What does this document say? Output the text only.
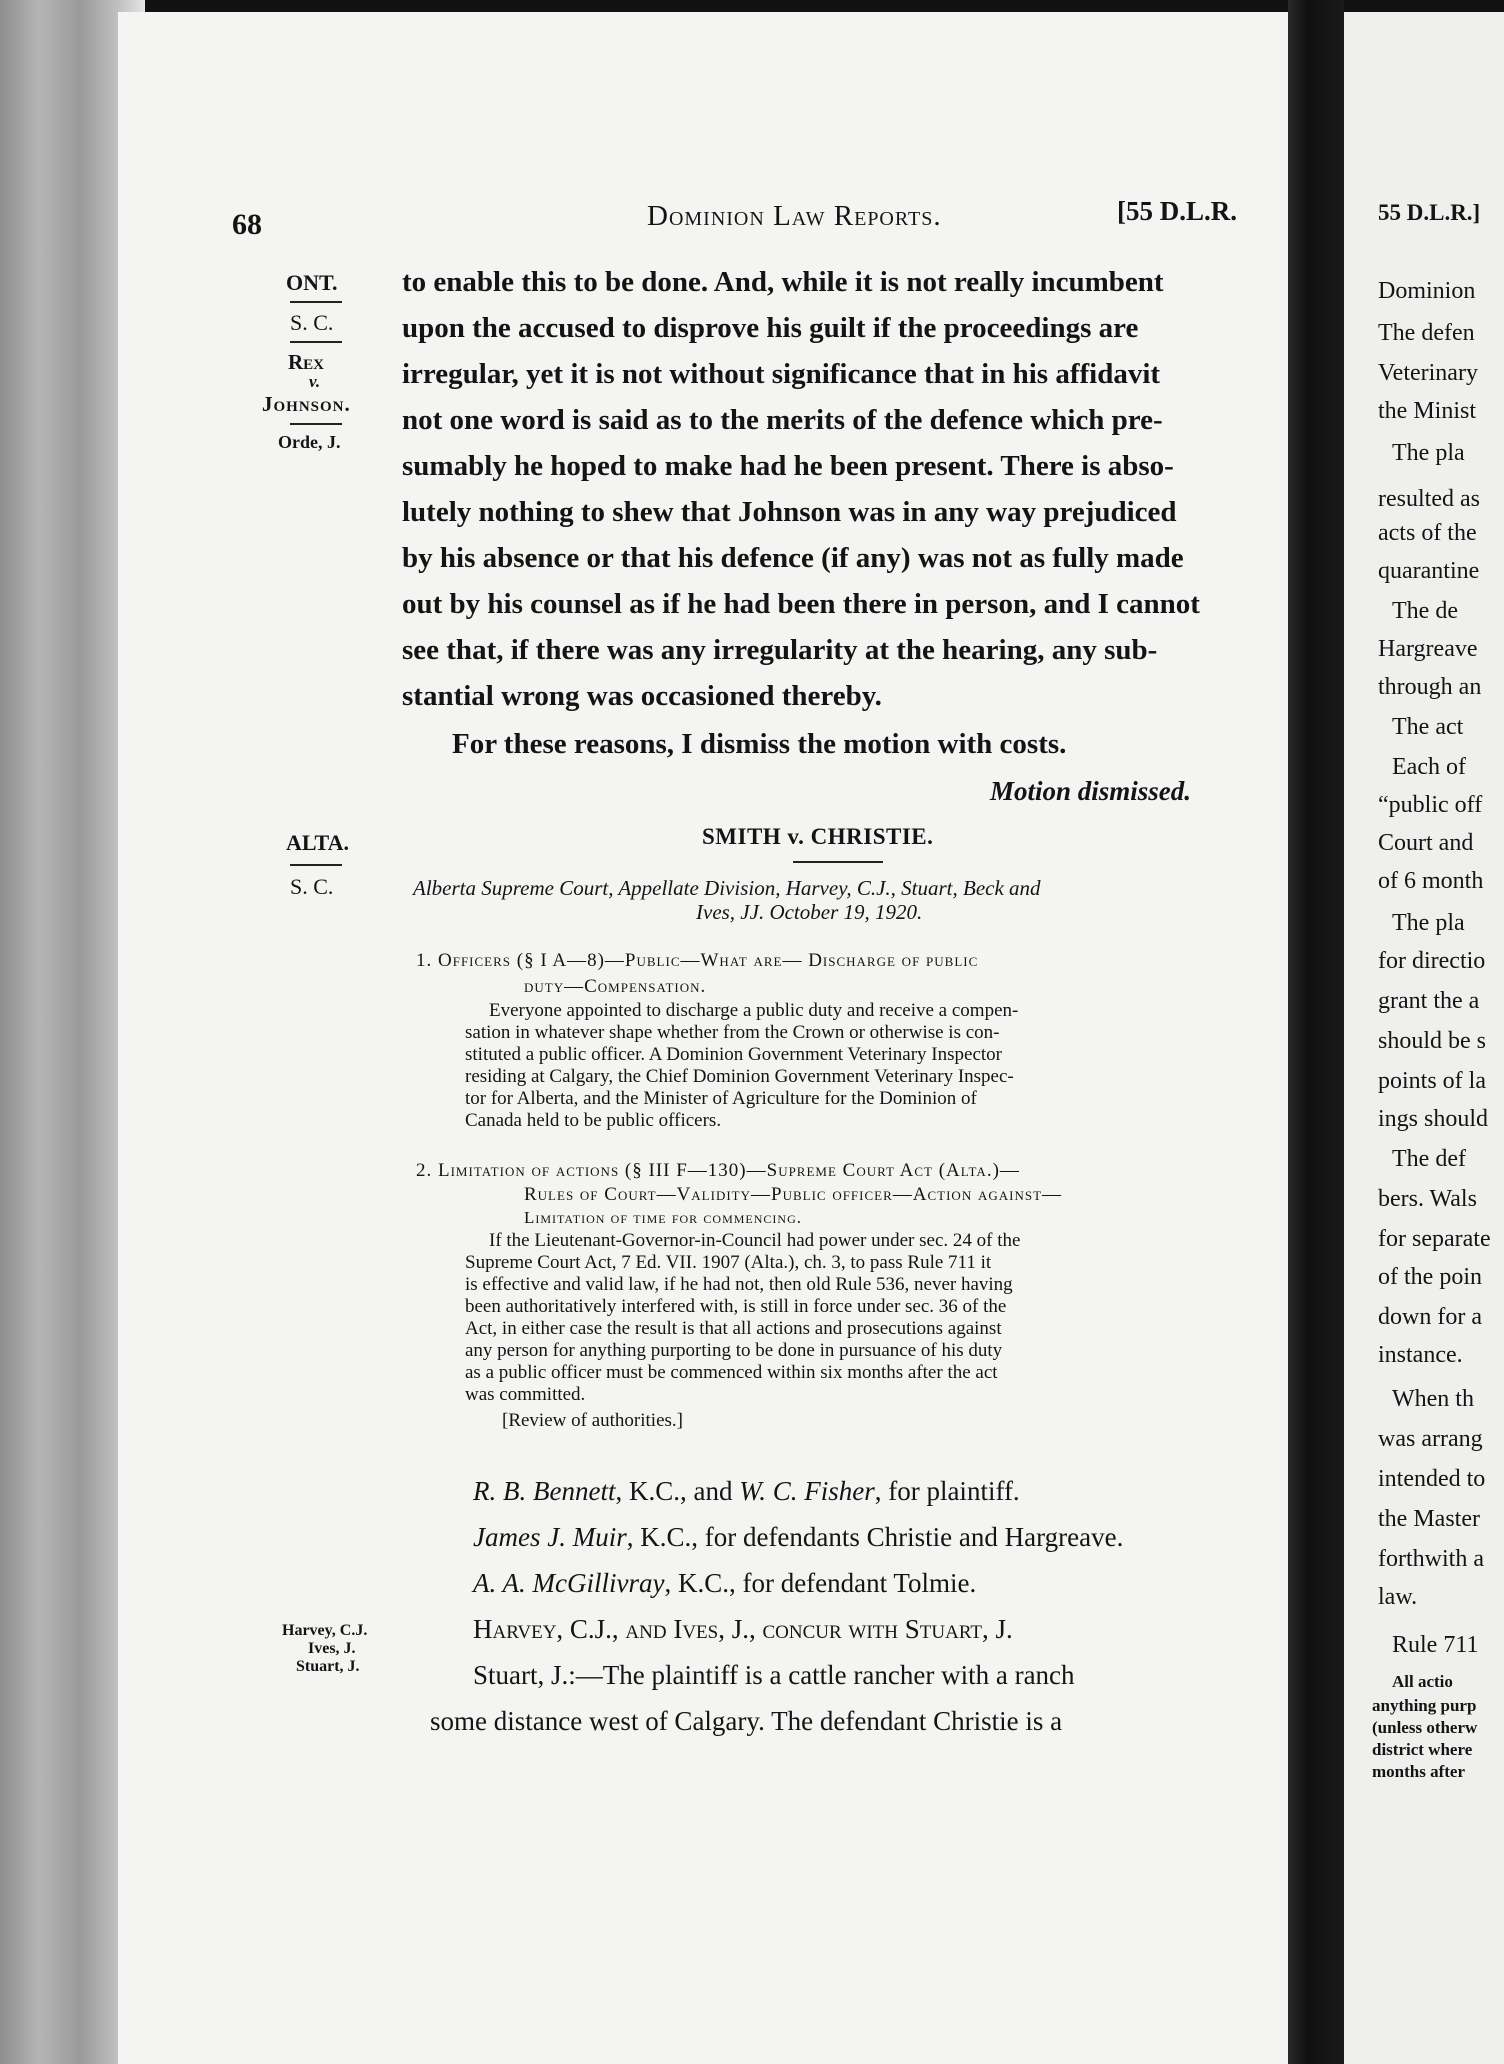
68	Dominion Law Reports.	[55 D.L.R.
ONT.
S. C.
Rex
v.
Johnson.
Orde, J.
to enable this to be done. And, while it is not really incumbent
upon the accused to disprove his guilt if the proceedings are
irregular, yet it is not without significance that in his affidavit
not one word is said as to the merits of the defence which pre-
sumably he hoped to make had he been present. There is abso-
lutely nothing to shew that Johnson was in any way prejudiced
by his absence or that his defence (if any) was not as fully made
out by his counsel as if he had been there in person, and I cannot
see that, if there was any irregularity at the hearing, any sub-
stantial wrong was occasioned thereby.
For these reasons, I dismiss the motion with costs.
Motion dismissed.
ALTA.
S. C.
SMITH v. CHRISTIE.
Alberta Supreme Court, Appellate Division, Harvey, C.J., Stuart, Beck and
Ives, JJ. October 19, 1920.
1. Officers (§ I A—8)—Public—What are— Discharge of public
duty—Compensation.
Everyone appointed to discharge a public duty and receive a compen-
sation in whatever shape whether from the Crown or otherwise is con-
stituted a public officer. A Dominion Government Veterinary Inspector
residing at Calgary, the Chief Dominion Government Veterinary Inspec-
tor for Alberta, and the Minister of Agriculture for the Dominion of
Canada held to be public officers.
2. Limitation of actions (§ III F—130)—Supreme Court Act (Alta.)—
Rules of Court—Validity—Public officer—Action against—
Limitation of time for commencing.
If the Lieutenant-Governor-in-Council had power under sec. 24 of the
Supreme Court Act, 7 Ed. VII. 1907 (Alta.), ch. 3, to pass Rule 711 it
is effective and valid law, if he had not, then old Rule 536, never having
been authoritatively interfered with, is still in force under sec. 36 of the
Act, in either case the result is that all actions and prosecutions against
any person for anything purporting to be done in pursuance of his duty
as a public officer must be commenced within six months after the act
was committed.
[Review of authorities.]
R. B. Bennett, K.C., and W. C. Fisher, for plaintiff.
James J. Muir, K.C., for defendants Christie and Hargreave.
A. A. McGillivray, K.C., for defendant Tolmie.
Harvey, C.J.
Ives, J.
Stuart, J.
Harvey, C.J., and Ives, J., concur with Stuart, J.
Stuart, J.:—The plaintiff is a cattle rancher with a ranch
some distance west of Calgary. The defendant Christie is a
55 D.L.R.]
Dominion
The defen
Veterinary
the Minist
The pla
resulted as
acts of the
quarantine
The de
Hargreave
through an
The act
Each of
“public off
Court and
of 6 month
The pla
for directio
grant the a
should be s
points of la
ings should
The def
bers. Wals
for separate
of the poin
down for a
instance.
When th
was arrang
intended to
the Master
forthwith a
law.
Rule 711
All actio
anything purp
(unless otherw
district where
months after
